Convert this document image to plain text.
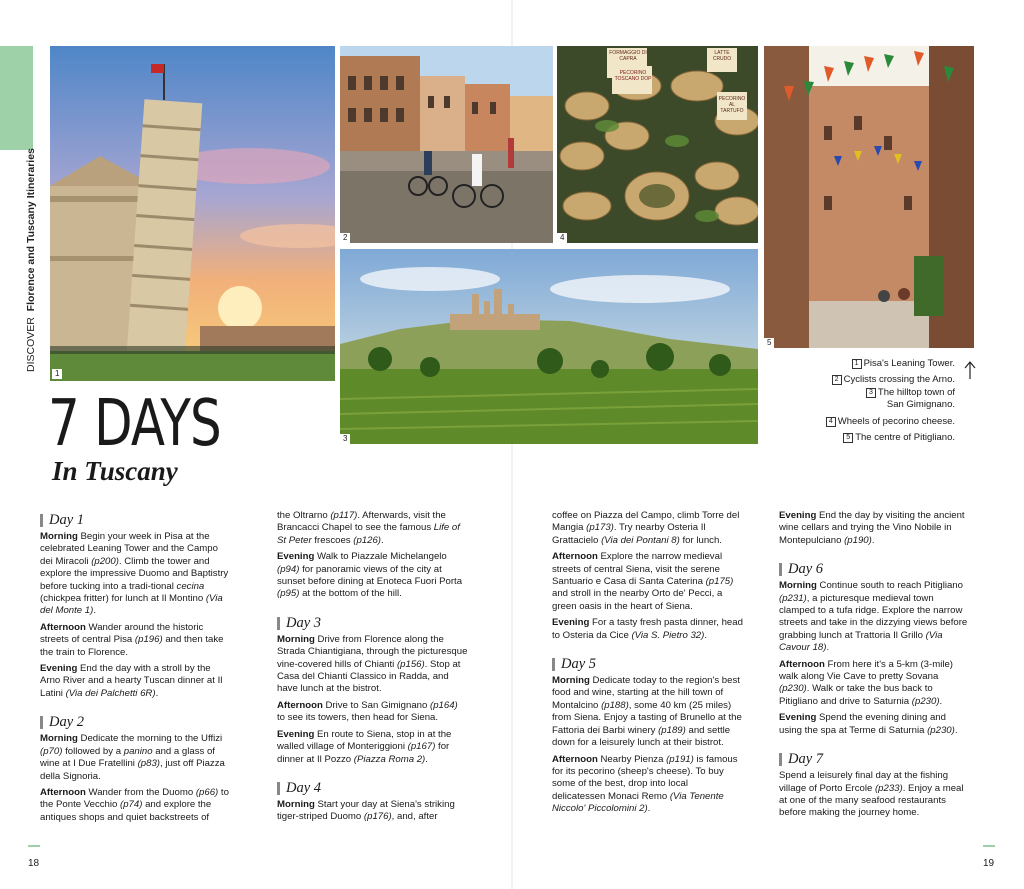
DISCOVER  Florence and Tuscany Itineraries
1
2
FORMAGGIO DI CAPRA
PECORINO TOSCANO DOP
LATTE CRUDO
PECORINO AL TARTUFO
4
5
3
7 DAYS
In Tuscany
1 Pisa's Leaning Tower.
2 Cyclists crossing the Arno.
3 The hilltop town of San Gimignano.
4 Wheels of pecorino cheese.
5 The centre of Pitigliano.
Day 1

Morning Begin your week in Pisa at the celebrated Leaning Tower and the Campo dei Miracoli (p200). Climb the tower and explore the impressive Duomo and Baptistry before tucking into a tradi-tional cecina (chickpea fritter) for lunch at Il Montino (Via del Monte 1).

Afternoon Wander around the historic streets of central Pisa (p196) and then take the train to Florence.

Evening End the day with a stroll by the Arno River and a hearty Tuscan dinner at Il Latini (Via dei Palchetti 6R).

Day 2

Morning Dedicate the morning to the Uffizi (p70) followed by a panino and a glass of wine at I Due Fratellini (p83), just off Piazza della Signoria.

Afternoon Wander from the Duomo (p66) to the Ponte Vecchio (p74) and explore the antiques shops and quiet backstreets of

the Oltrarno (p117). Afterwards, visit the Brancacci Chapel to see the famous Life of St Peter frescoes (p126).

Evening Walk to Piazzale Michelangelo (p94) for panoramic views of the city at sunset before dining at Enoteca Fuori Porta (p95) at the bottom of the hill.

Day 3

Morning Drive from Florence along the Strada Chiantigiana, through the picturesque vine-covered hills of Chianti (p156). Stop at Casa del Chianti Classico in Radda, and have lunch at the bistrot.

Afternoon Drive to San Gimignano (p164) to see its towers, then head for Siena.

Evening En route to Siena, stop in at the walled village of Monteriggioni (p167) for dinner at Il Pozzo (Piazza Roma 2).

Day 4

Morning Start your day at Siena's striking tiger-striped Duomo (p176), and, after

coffee on Piazza del Campo, climb Torre del Mangia (p173). Try nearby Osteria Il Grattacielo (Via dei Pontani 8) for lunch.

Afternoon Explore the narrow medieval streets of central Siena, visit the serene Santuario e Casa di Santa Caterina (p175) and stroll in the nearby Orto de' Pecci, a green oasis in the heart of Siena.

Evening For a tasty fresh pasta dinner, head to Osteria da Cice (Via S. Pietro 32).

Day 5

Morning Dedicate today to the region's best food and wine, starting at the hill town of Montalcino (p188), some 40 km (25 miles) from Siena. Enjoy a tasting of Brunello at the Fattoria dei Barbi winery (p189) and settle down for a leisurely lunch at their bistrot.

Afternoon Nearby Pienza (p191) is famous for its pecorino (sheep's cheese). To buy some of the best, drop into local delicatessen Monaci Remo (Via Tenente Niccolo' Piccolomini 2).

Evening End the day by visiting the ancient wine cellars and trying the Vino Nobile in Montepulciano (p190).

Day 6

Morning Continue south to reach Pitigliano (p231), a picturesque medieval town clamped to a tufa ridge. Explore the narrow streets and take in the dizzying views before grabbing lunch at Trattoria Il Grillo (Via Cavour 18).

Afternoon From here it's a 5-km (3-mile) walk along Vie Cave to pretty Sovana (p230). Walk or take the bus back to Pitigliano and drive to Saturnia (p230).

Evening Spend the evening dining and using the spa at Terme di Saturnia (p230).

Day 7

Spend a leisurely final day at the fishing village of Porto Ercole (p233). Enjoy a meal at one of the many seafood restaurants before making the journey home.

18	19
